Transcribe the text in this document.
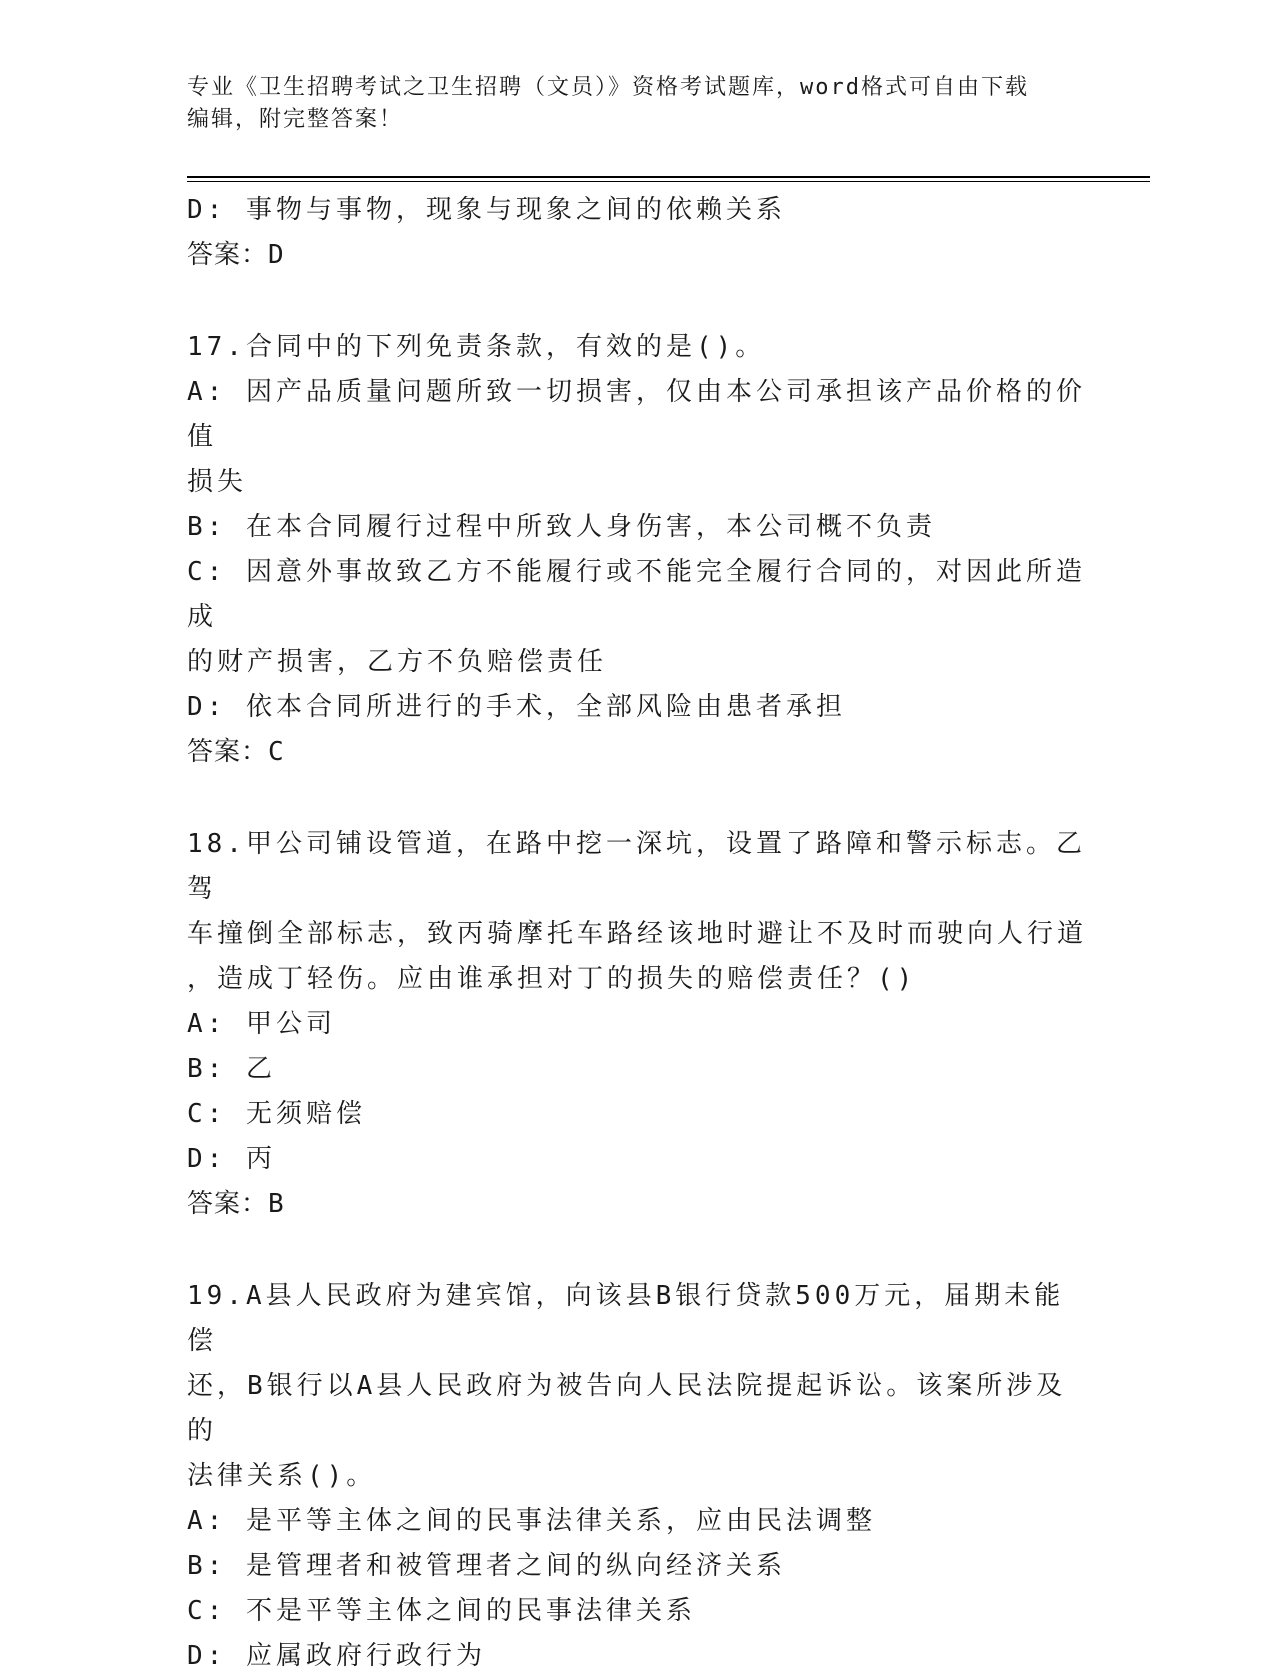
专业《卫生招聘考试之卫生招聘（文员）》资格考试题库，word格式可自由下载
编辑，附完整答案！
D: 事物与事物，现象与现象之间的依赖关系
答案：D
17.合同中的下列免责条款，有效的是()。
A: 因产品质量问题所致一切损害，仅由本公司承担该产品价格的价值
损失
B: 在本合同履行过程中所致人身伤害，本公司概不负责
C: 因意外事故致乙方不能履行或不能完全履行合同的，对因此所造成
的财产损害，乙方不负赔偿责任
D: 依本合同所进行的手术，全部风险由患者承担
答案：C
18.甲公司铺设管道，在路中挖一深坑，设置了路障和警示标志。乙驾
车撞倒全部标志，致丙骑摩托车路经该地时避让不及时而驶向人行道
，造成丁轻伤。应由谁承担对丁的损失的赔偿责任？()
A: 甲公司
B: 乙
C: 无须赔偿
D: 丙
答案：B
19.A县人民政府为建宾馆，向该县B银行贷款500万元，届期未能偿
还，B银行以A县人民政府为被告向人民法院提起诉讼。该案所涉及的
法律关系()。
A: 是平等主体之间的民事法律关系，应由民法调整
B: 是管理者和被管理者之间的纵向经济关系
C: 不是平等主体之间的民事法律关系
D: 应属政府行政行为
